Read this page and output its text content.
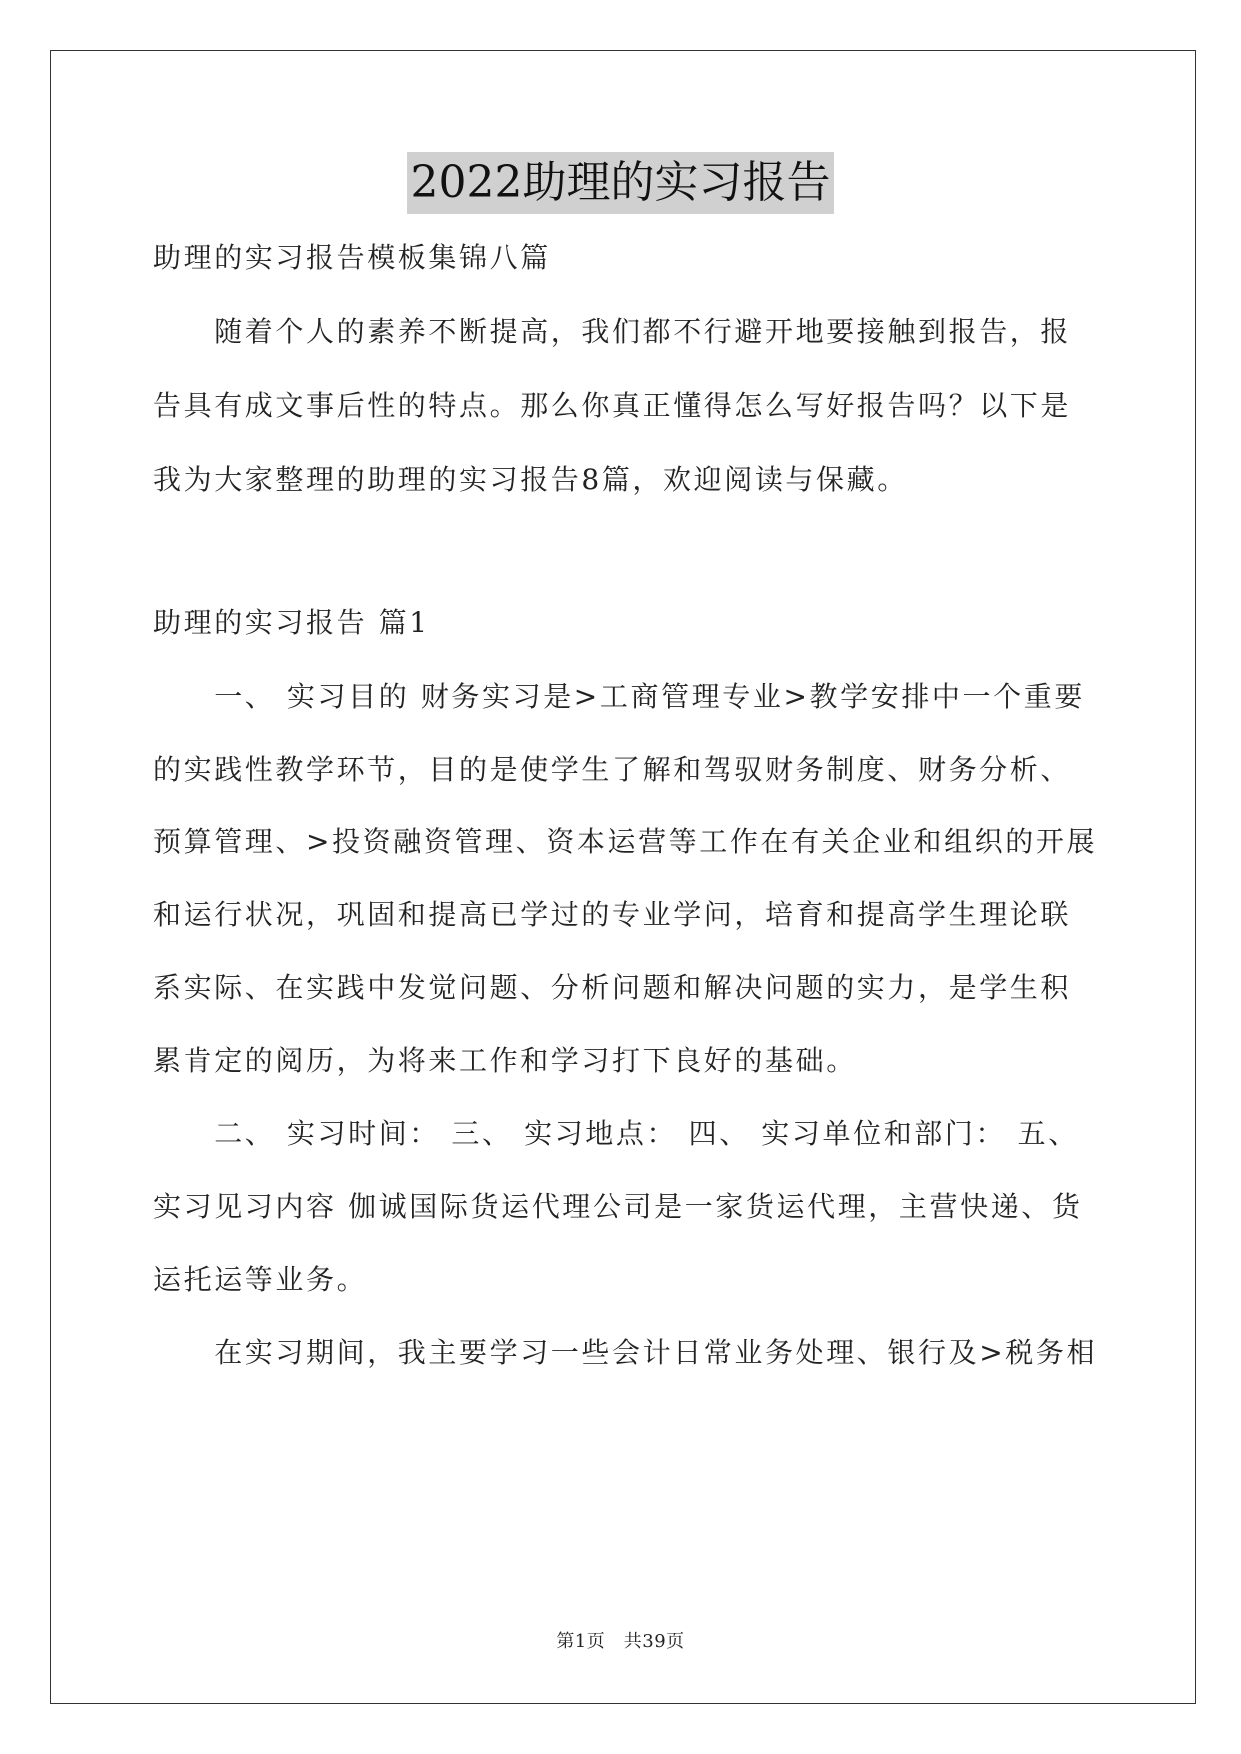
2022助理的实习报告
助理的实习报告模板集锦八篇
　　随着个人的素养不断提高，我们都不行避开地要接触到报告，报
告具有成文事后性的特点。那么你真正懂得怎么写好报告吗？以下是
我为大家整理的助理的实习报告8篇，欢迎阅读与保藏。
助理的实习报告 篇1
　　一、 实习目的 财务实习是>工商管理专业>教学安排中一个重要
的实践性教学环节，目的是使学生了解和驾驭财务制度、财务分析、
预算管理、>投资融资管理、资本运营等工作在有关企业和组织的开展
和运行状况，巩固和提高已学过的专业学问，培育和提高学生理论联
系实际、在实践中发觉问题、分析问题和解决问题的实力，是学生积
累肯定的阅历，为将来工作和学习打下良好的基础。
　　二、 实习时间： 三、 实习地点： 四、 实习单位和部门： 五、
实习见习内容 伽诚国际货运代理公司是一家货运代理，主营快递、货
运托运等业务。
　　在实习期间，我主要学习一些会计日常业务处理、银行及>税务相
第1页　共39页
